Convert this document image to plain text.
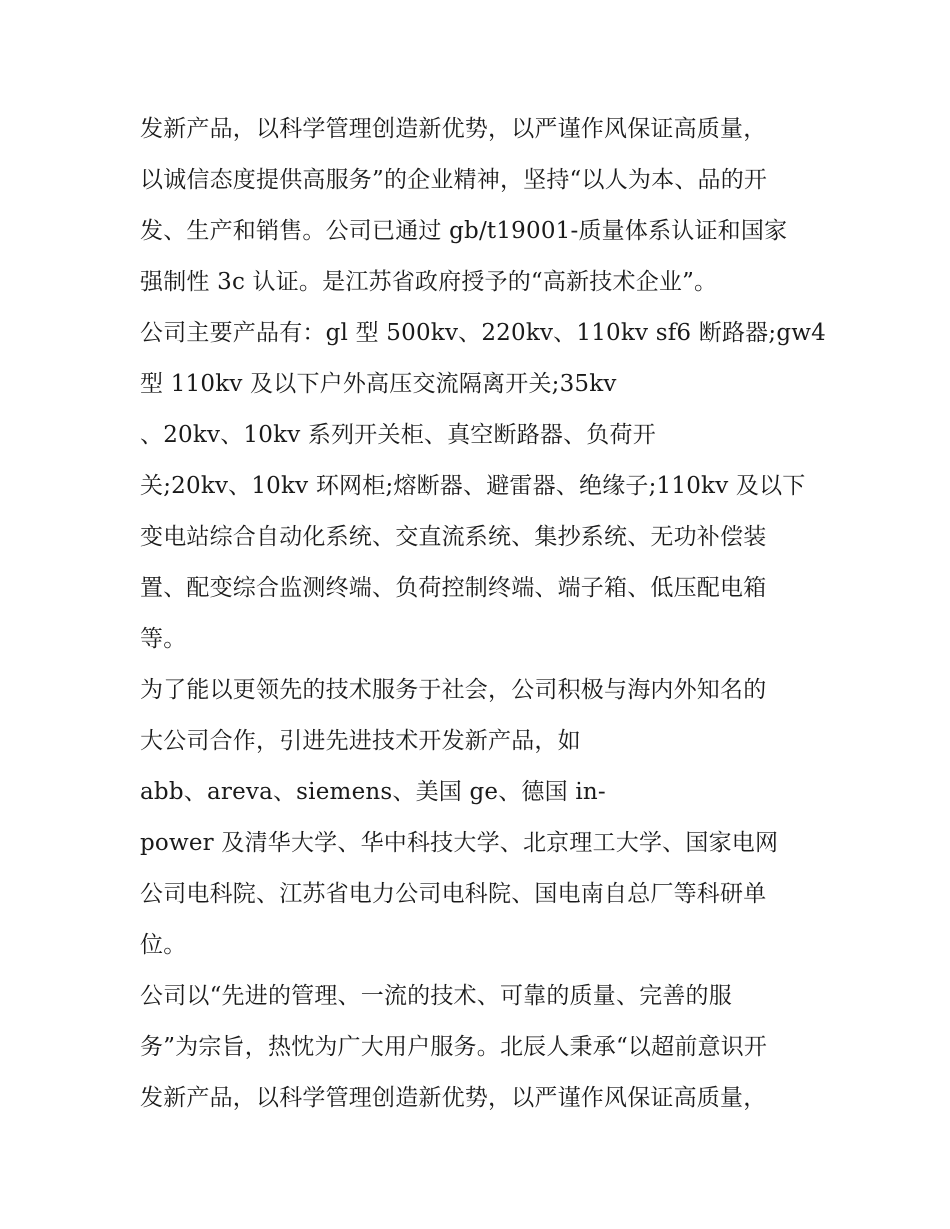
发新产品，以科学管理创造新优势，以严谨作风保证高质量，
以诚信态度提供高服务”的企业精神，坚持“以人为本、品的开
发、生产和销售。公司已通过 gb/t19001-质量体系认证和国家
强制性 3c 认证。是江苏省政府授予的“高新技术企业”。
公司主要产品有：gl 型 500kv、220kv、110kv sf6 断路器;gw4
型 110kv 及以下户外高压交流隔离开关;35kv
、20kv、10kv 系列开关柜、真空断路器、负荷开
关;20kv、10kv 环网柜;熔断器、避雷器、绝缘子;110kv 及以下
变电站综合自动化系统、交直流系统、集抄系统、无功补偿装
置、配变综合监测终端、负荷控制终端、端子箱、低压配电箱
等。
为了能以更领先的技术服务于社会，公司积极与海内外知名的
大公司合作，引进先进技术开发新产品，如
abb、areva、siemens、美国 ge、德国 in-
power 及清华大学、华中科技大学、北京理工大学、国家电网
公司电科院、江苏省电力公司电科院、国电南自总厂等科研单
位。
公司以“先进的管理、一流的技术、可靠的质量、完善的服
务”为宗旨，热忱为广大用户服务。北辰人秉承“以超前意识开
发新产品，以科学管理创造新优势，以严谨作风保证高质量，
